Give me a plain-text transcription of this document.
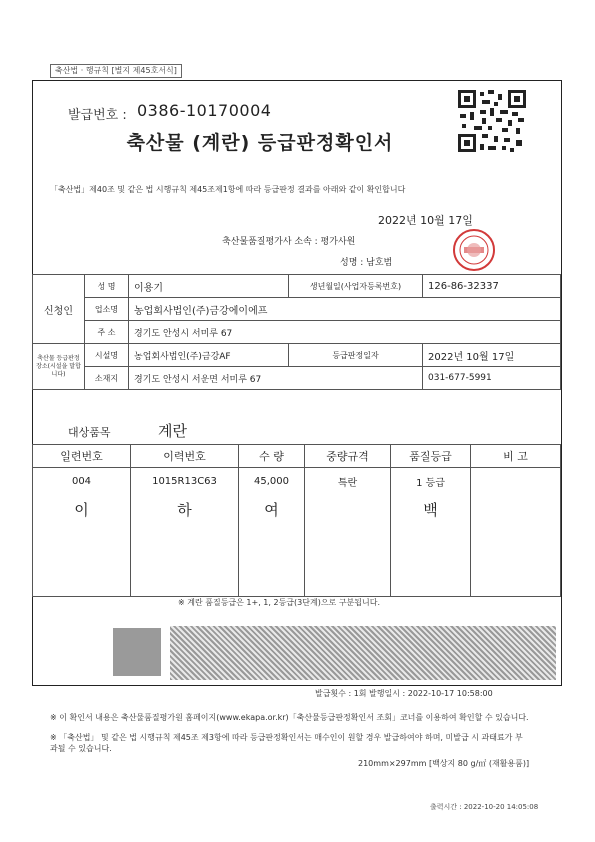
축산법 · 행규칙 [별지 제45호서식]
발급번호 : 0386-10170004
축산물 (계란) 등급판정확인서
「축산법」제40조 및 같은 법 시행규칙 제45조제1항에 따라 등급판정 결과를 아래와 같이 확인합니다
2022년 10월 17일
축산물품질평가사 소속 : 평가사원
성명 : 남호범
신청인	성 명	이용기	생년월일(사업자등록번호)	126-86-32337
	업소명	농업회사법인(주)금강에이에프		
	주 소	경기도 안성시 서미루 67		
축산물 등급판정 장소(시설을 말합니다)	시설명	농업회사법인(주)금강AF	등급판정일자	2022년 10월 17일
	소재지	경기도 안성시 서운면 서미루 67		031-677-5991
대상품목	계란
일련번호	이력번호	수 량	중량규격	품질등급	비 고
004	1015R13C63	45,000	특란	1 등급	
이	하	여		백	

※ 계란 품질등급은 1+, 1, 2등급(3단계)으로 구분됩니다.
발급횟수 : 1회 발행일시 : 2022-10-17 10:58:00
※ 이 확인서 내용은 축산물품질평가원 홈페이지(www.ekapa.or.kr)「축산물등급판정확인서 조회」코너를 이용하여 확인할 수 있습니다.
※ 「축산법」 및 같은 법 시행규칙 제45조 제3항에 따라 등급판정확인서는 매수인이 원할 경우 발급하여야 하며, 미발급 시 과태료가 부과될 수 있습니다.
210mm×297mm [백상지 80 g/㎡ (재활용품)]
출력시간 : 2022-10-20 14:05:08
